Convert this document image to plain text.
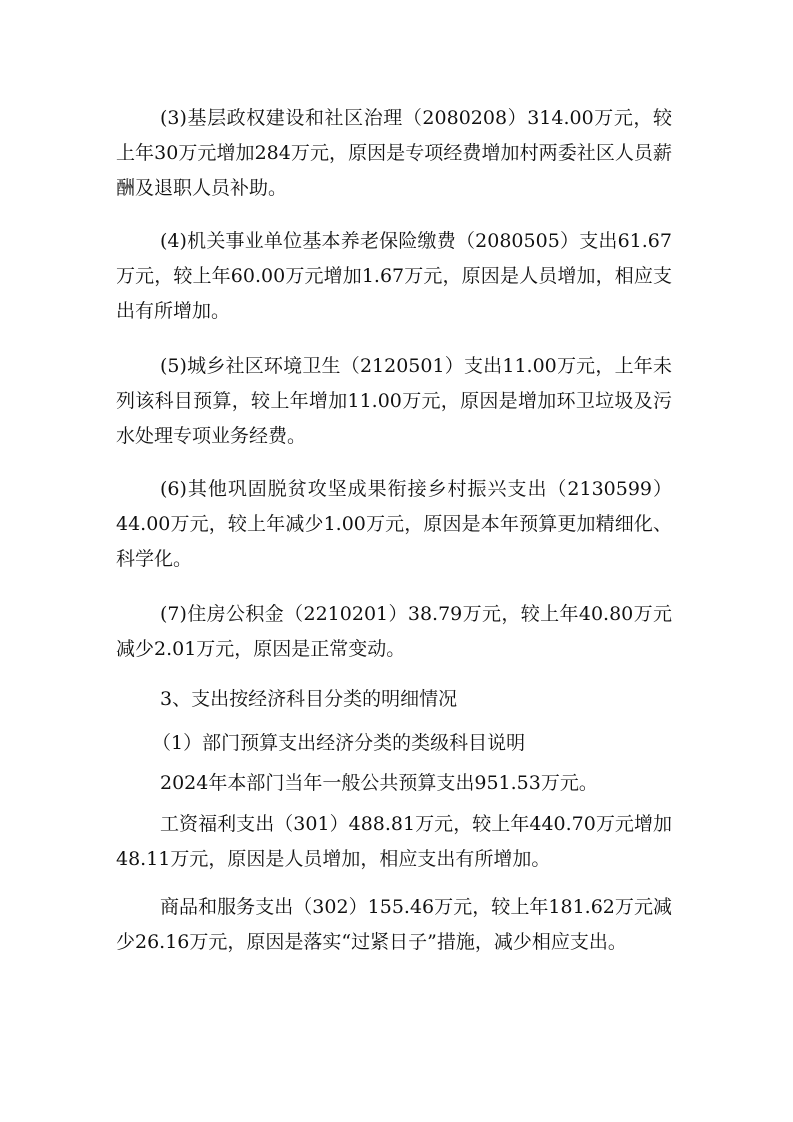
(3)基层政权建设和社区治理（2080208）314.00万元，较上年30万元增加284万元，原因是专项经费增加村两委社区人员薪酬及退职人员补助。

(4)机关事业单位基本养老保险缴费（2080505）支出61.67万元，较上年60.00万元增加1.67万元，原因是人员增加，相应支出有所增加。

(5)城乡社区环境卫生（2120501）支出11.00万元，上年未列该科目预算，较上年增加11.00万元，原因是增加环卫垃圾及污水处理专项业务经费。

(6)其他巩固脱贫攻坚成果衔接乡村振兴支出（2130599）44.00万元，较上年减少1.00万元，原因是本年预算更加精细化、科学化。

(7)住房公积金（2210201）38.79万元，较上年40.80万元减少2.01万元，原因是正常变动。

3、支出按经济科目分类的明细情况

（1）部门预算支出经济分类的类级科目说明

2024年本部门当年一般公共预算支出951.53万元。

工资福利支出（301）488.81万元，较上年440.70万元增加48.11万元，原因是人员增加，相应支出有所增加。

商品和服务支出（302）155.46万元，较上年181.62万元减少26.16万元，原因是落实“过紧日子”措施，减少相应支出。
